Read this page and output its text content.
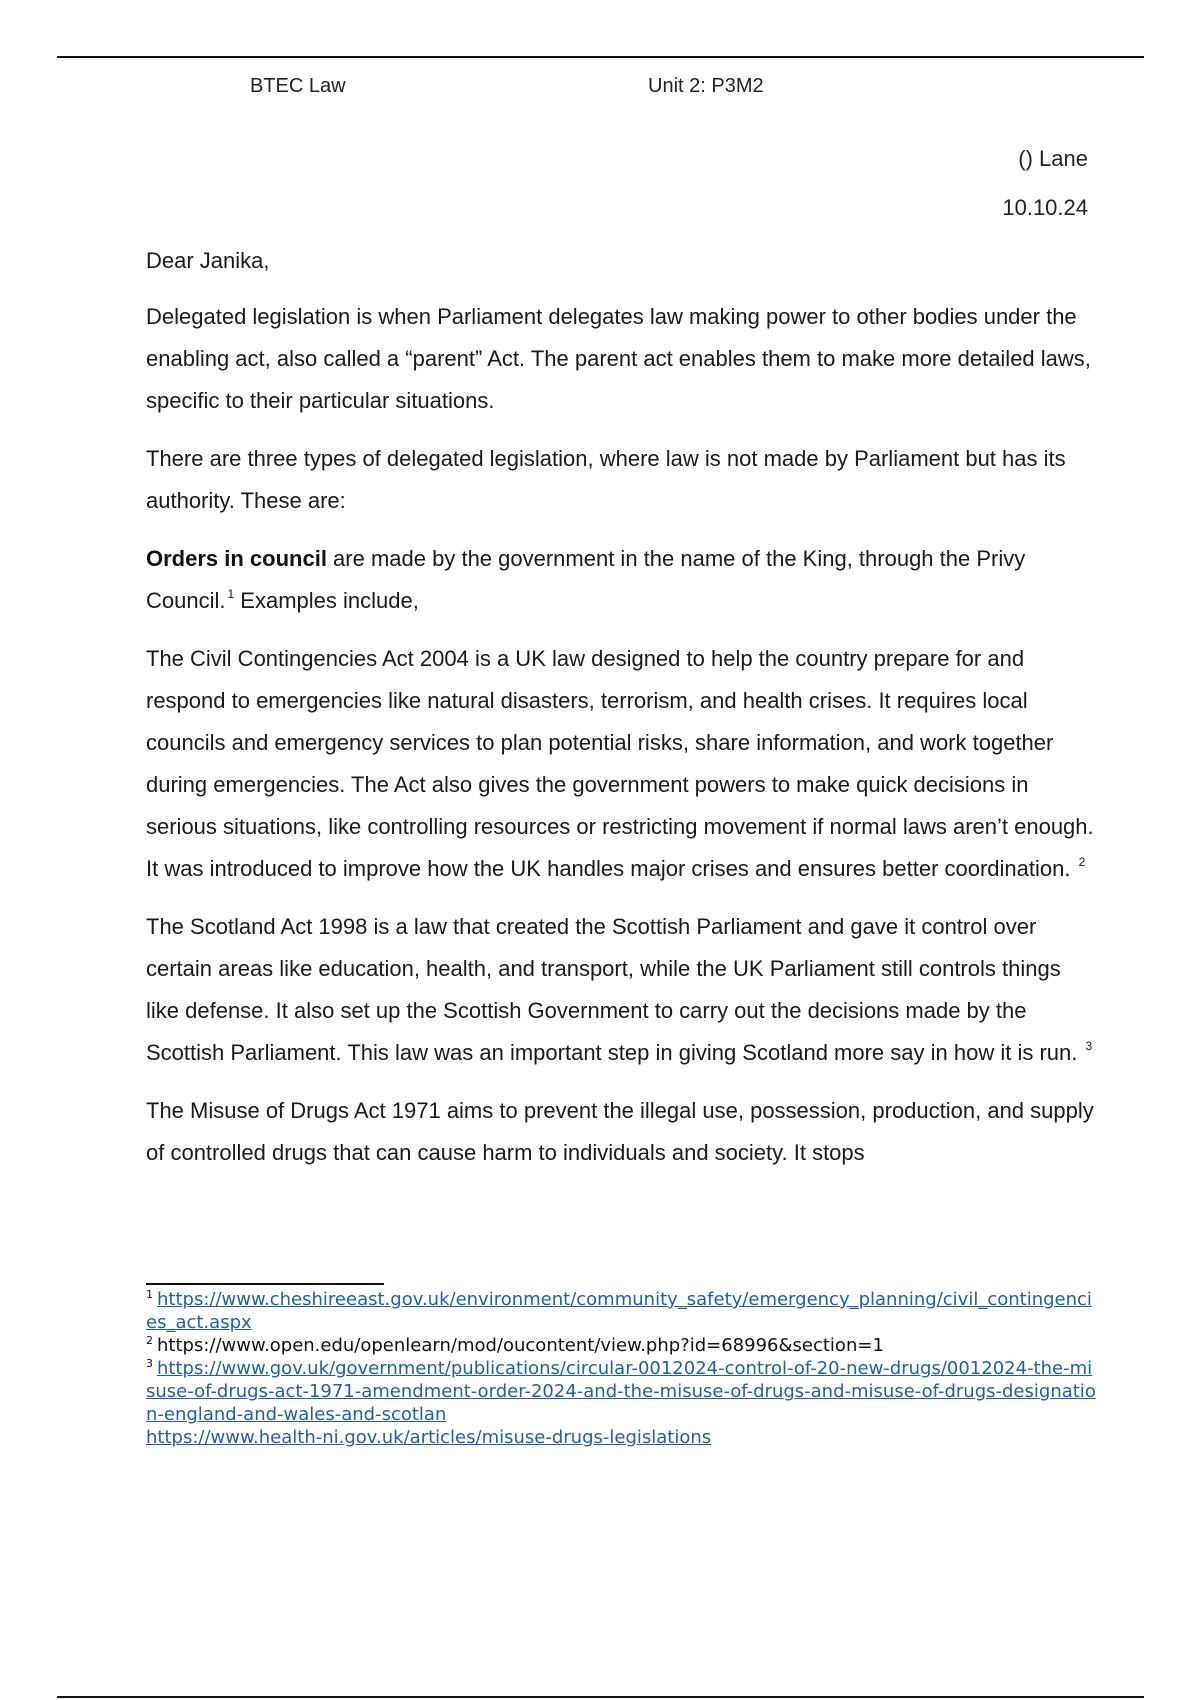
BTEC Law	Unit 2: P3M2
() Lane
10.10.24

Dear Janika,

Delegated legislation is when Parliament delegates law making power to other bodies under the enabling act, also called a “parent” Act. The parent act enables them to make more detailed laws, specific to their particular situations.

There are three types of delegated legislation, where law is not made by Parliament but has its authority. These are:

Orders in council are made by the government in the name of the King, through the Privy Council. $^1$ Examples include,

The Civil Contingencies Act 2004 is a UK law designed to help the country prepare for and respond to emergencies like natural disasters, terrorism, and health crises. It requires local councils and emergency services to plan potential risks, share information, and work together during emergencies. The Act also gives the government powers to make quick decisions in serious situations, like controlling resources or restricting movement if normal laws aren’t enough. It was introduced to improve how the UK handles major crises and ensures better coordination. $^2$

The Scotland Act 1998 is a law that created the Scottish Parliament and gave it control over certain areas like education, health, and transport, while the UK Parliament still controls things like defense. It also set up the Scottish Government to carry out the decisions made by the Scottish Parliament. This law was an important step in giving Scotland more say in how it is run. $^3$

The Misuse of Drugs Act 1971 aims to prevent the illegal use, possession, production, and supply of controlled drugs that can cause harm to individuals and society. It stops

$^1$ https://www.cheshireeast.gov.uk/environment/community_safety/emergency_planning/civil_contingencies_act.aspx
$^2$ https://www.open.edu/openlearn/mod/oucontent/view.php?id=68996&section=1
$^3$ https://www.gov.uk/government/publications/circular-0012024-control-of-20-new-drugs/0012024-the-misuse-of-drugs-act-1971-amendment-order-2024-and-the-misuse-of-drugs-and-misuse-of-drugs-designation-england-and-wales-and-scotlan
https://www.health-ni.gov.uk/articles/misuse-drugs-legislations
